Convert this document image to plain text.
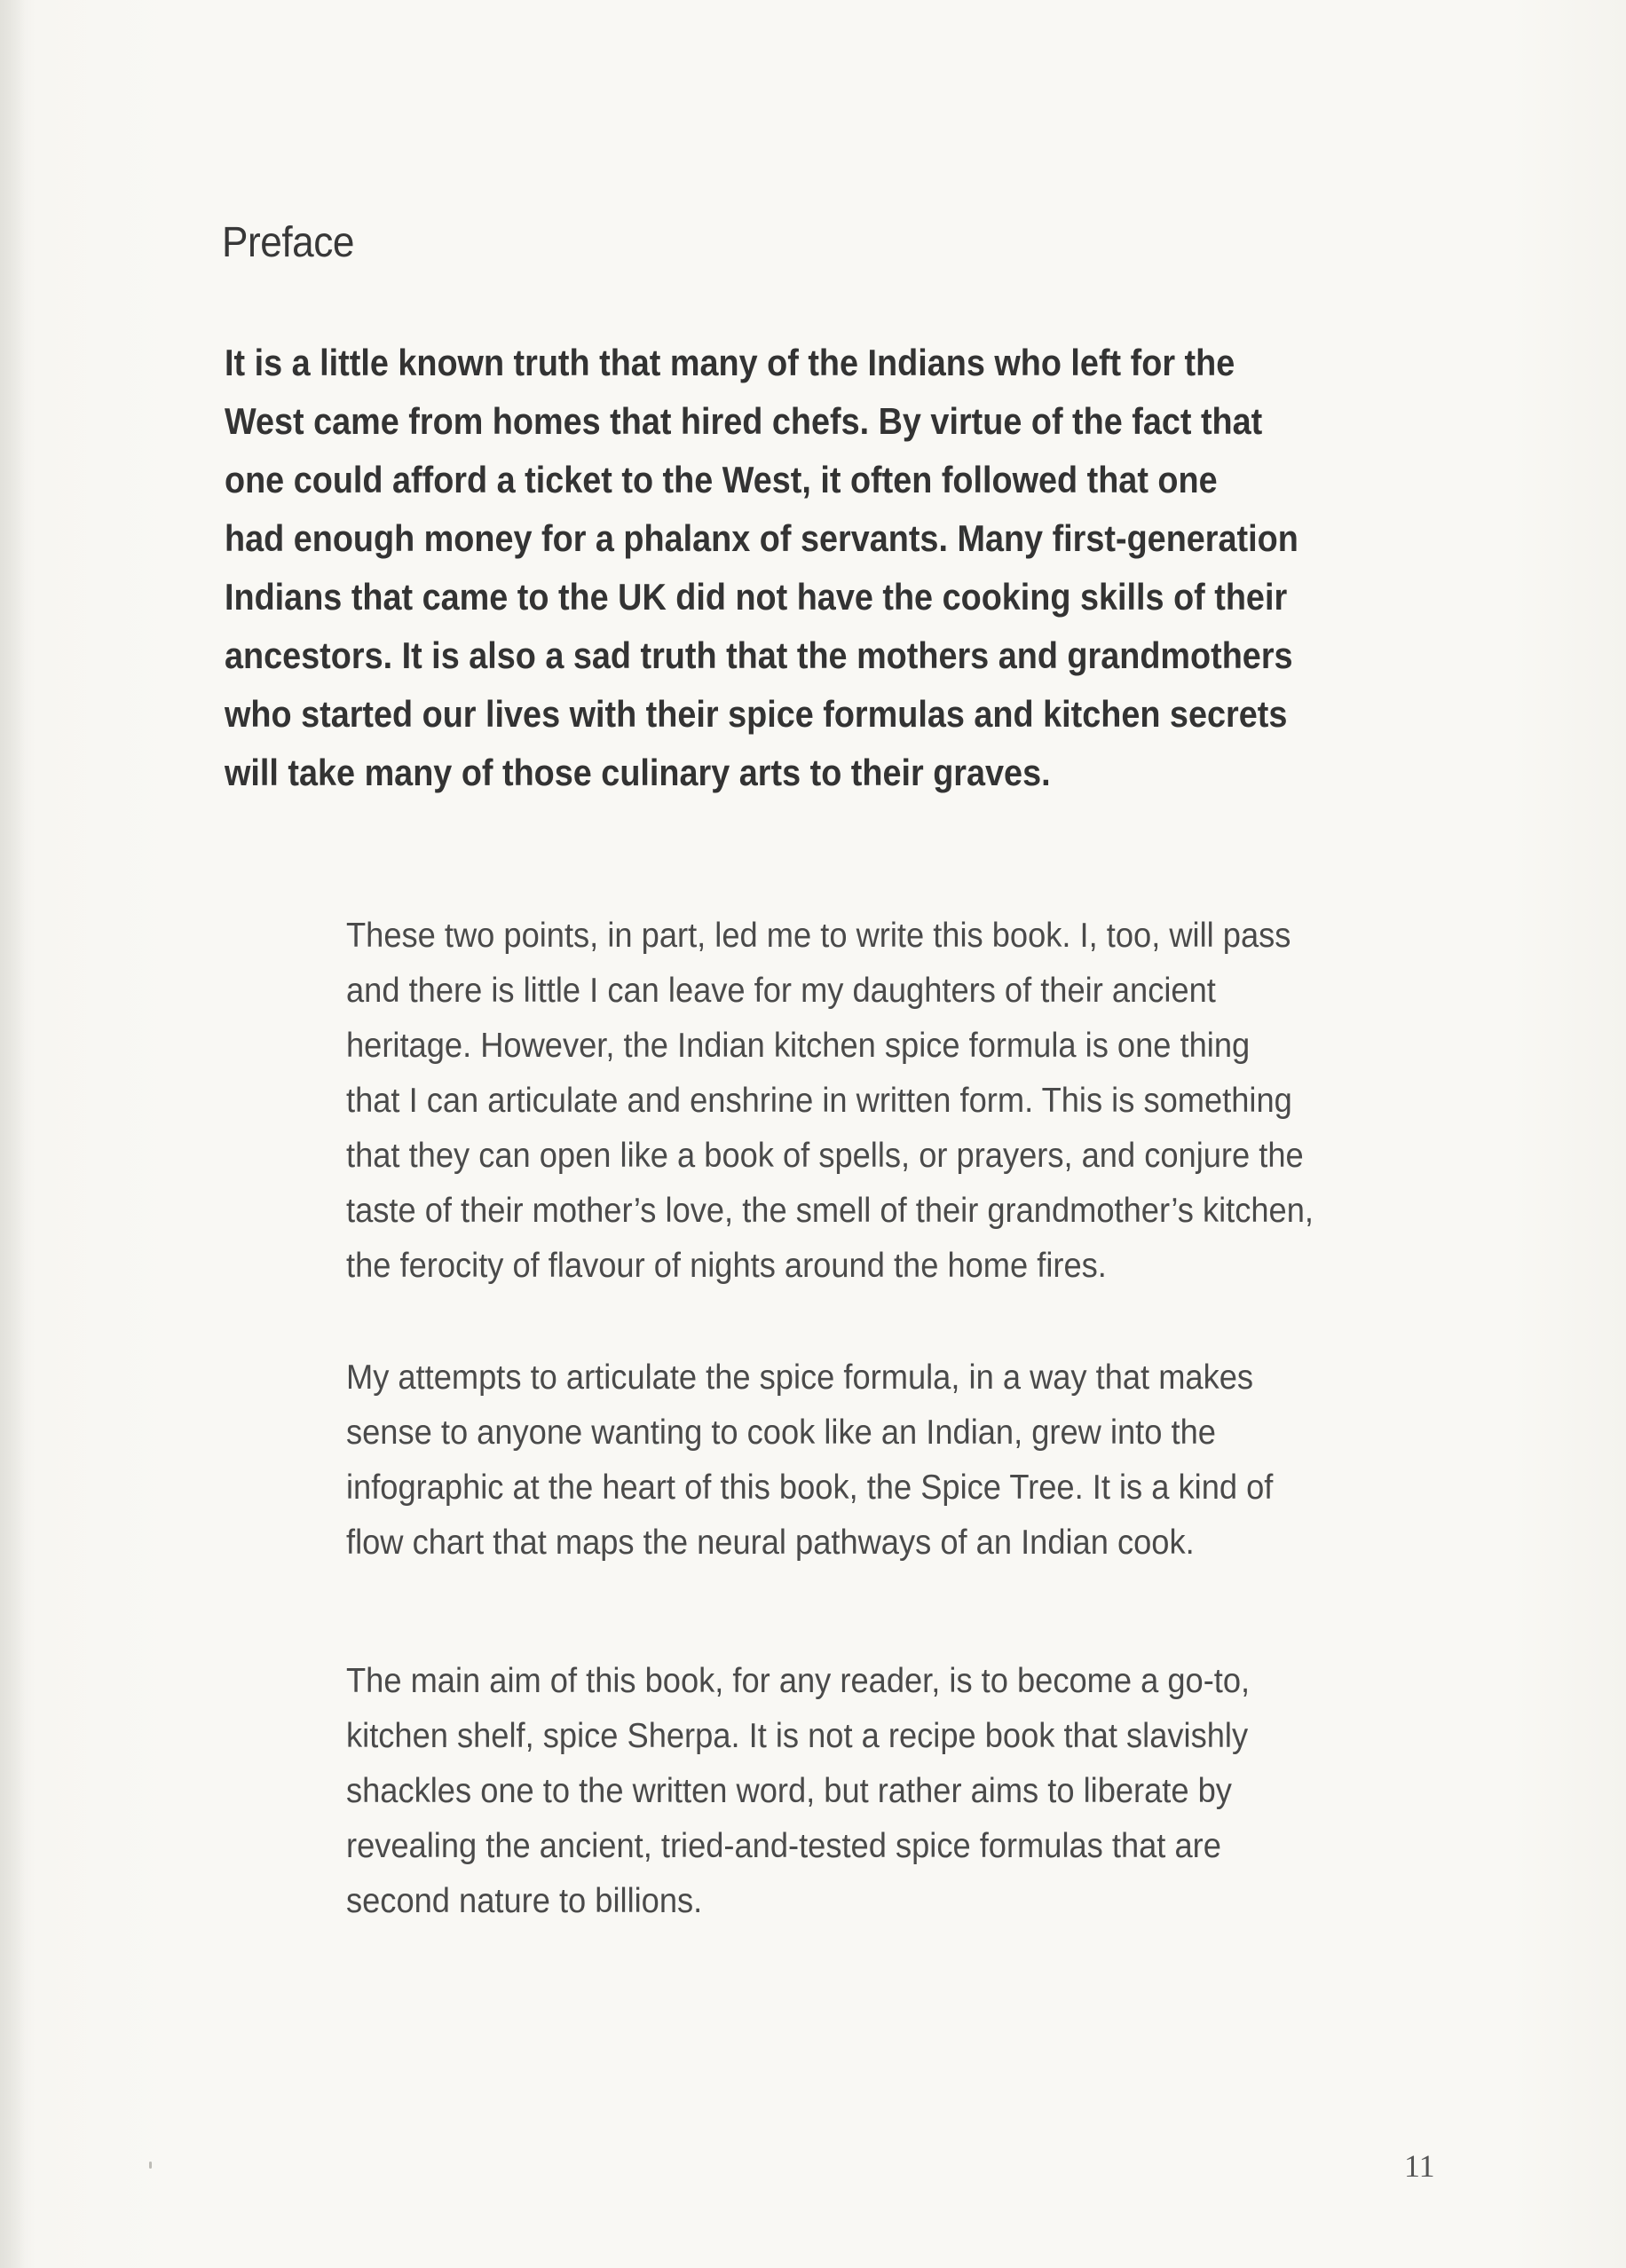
Preface

It is a little known truth that many of the Indians who left for the
West came from homes that hired chefs. By virtue of the fact that
one could afford a ticket to the West, it often followed that one
had enough money for a phalanx of servants. Many first-generation
Indians that came to the UK did not have the cooking skills of their
ancestors. It is also a sad truth that the mothers and grandmothers
who started our lives with their spice formulas and kitchen secrets
will take many of those culinary arts to their graves.

These two points, in part, led me to write this book. I, too, will pass
and there is little I can leave for my daughters of their ancient
heritage. However, the Indian kitchen spice formula is one thing
that I can articulate and enshrine in written form. This is something
that they can open like a book of spells, or prayers, and conjure the
taste of their mother’s love, the smell of their grandmother’s kitchen,
the ferocity of flavour of nights around the home fires.

My attempts to articulate the spice formula, in a way that makes
sense to anyone wanting to cook like an Indian, grew into the
infographic at the heart of this book, the Spice Tree. It is a kind of
flow chart that maps the neural pathways of an Indian cook.

The main aim of this book, for any reader, is to become a go-to,
kitchen shelf, spice Sherpa. It is not a recipe book that slavishly
shackles one to the written word, but rather aims to liberate by
revealing the ancient, tried-and-tested spice formulas that are
second nature to billions.

11
